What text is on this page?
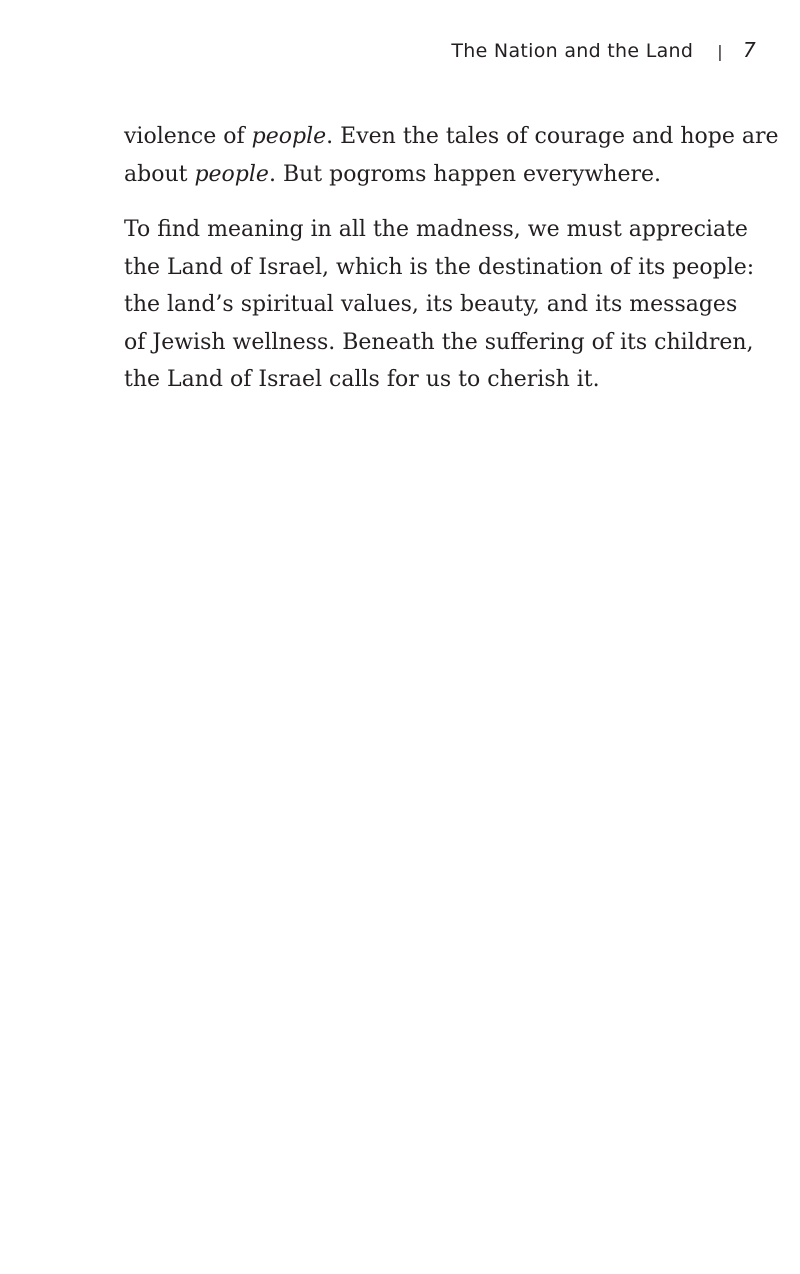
The Nation and the Land | 7

violence of people. Even the tales of courage and hope are
about people. But pogroms happen everywhere.

To find meaning in all the madness, we must appreciate
the Land of Israel, which is the destination of its people:
the land’s spiritual values, its beauty, and its messages
of Jewish wellness. Beneath the suffering of its children,
the Land of Israel calls for us to cherish it.
